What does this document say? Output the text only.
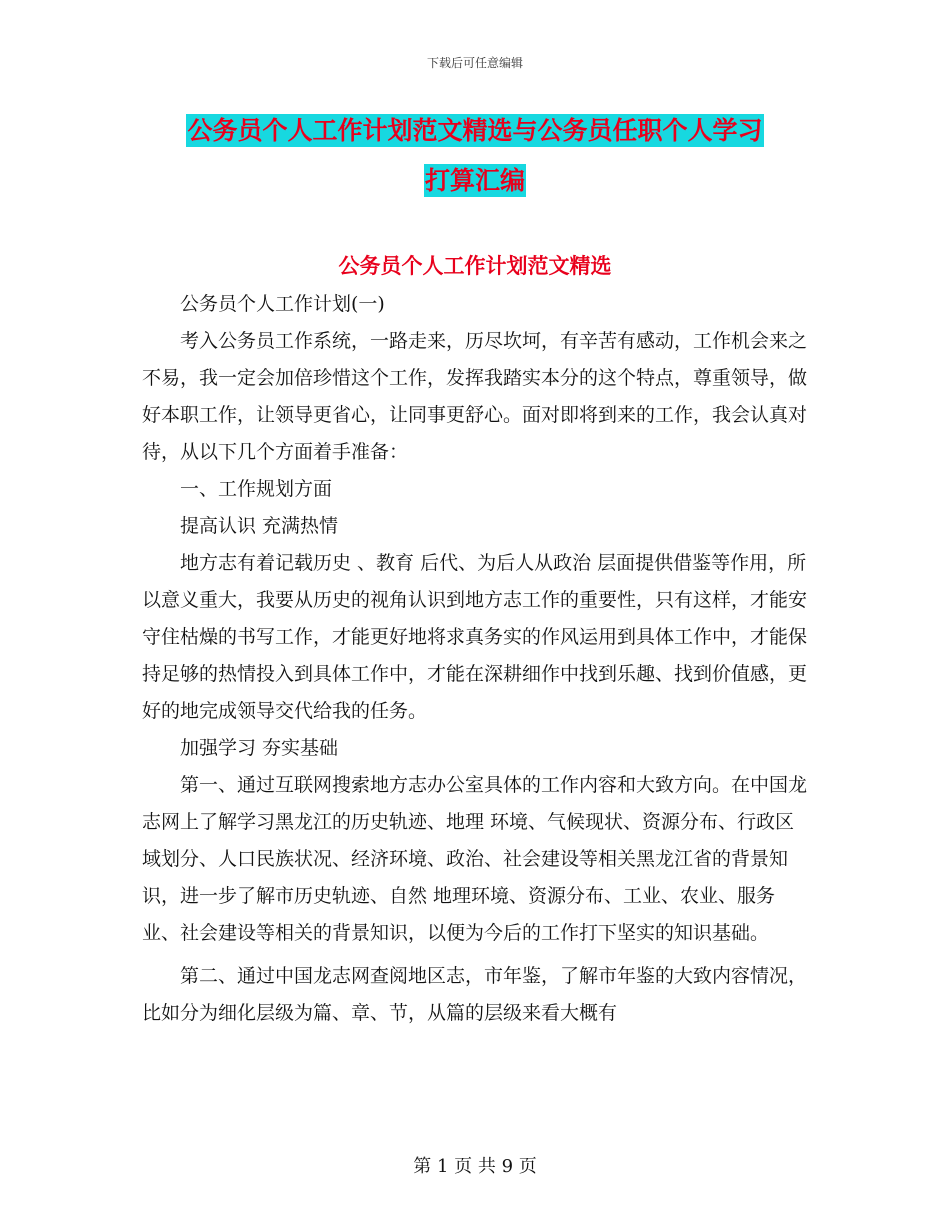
下载后可任意编辑
公务员个人工作计划范文精选与公务员任职个人学习
打算汇编
公务员个人工作计划范文精选

公务员个人工作计划(一)

考入公务员工作系统，一路走来，历尽坎坷，有辛苦有感动，工作机会来之不易，我一定会加倍珍惜这个工作，发挥我踏实本分的这个特点，尊重领导，做好本职工作，让领导更省心，让同事更舒心。面对即将到来的工作，我会认真对待，从以下几个方面着手准备：

一、工作规划方面

提高认识 充满热情

地方志有着记载历史 、教育 后代、为后人从政治 层面提供借鉴等作用，所以意义重大，我要从历史的视角认识到地方志工作的重要性，只有这样，才能安守住枯燥的书写工作，才能更好地将求真务实的作风运用到具体工作中，才能保持足够的热情投入到具体工作中，才能在深耕细作中找到乐趣、找到价值感，更好的地完成领导交代给我的任务。

加强学习 夯实基础

第一、通过互联网搜索地方志办公室具体的工作内容和大致方向。在中国龙志网上了解学习黑龙江的历史轨迹、地理 环境、气候现状、资源分布、行政区域划分、人口民族状况、经济环境、政治、社会建设等相关黑龙江省的背景知识，进一步了解市历史轨迹、自然 地理环境、资源分布、工业、农业、服务业、社会建设等相关的背景知识，以便为今后的工作打下坚实的知识基础。

第二、通过中国龙志网查阅地区志，市年鉴，了解市年鉴的大致内容情况，比如分为细化层级为篇、章、节，从篇的层级来看大概有

第 1 页 共 9 页
